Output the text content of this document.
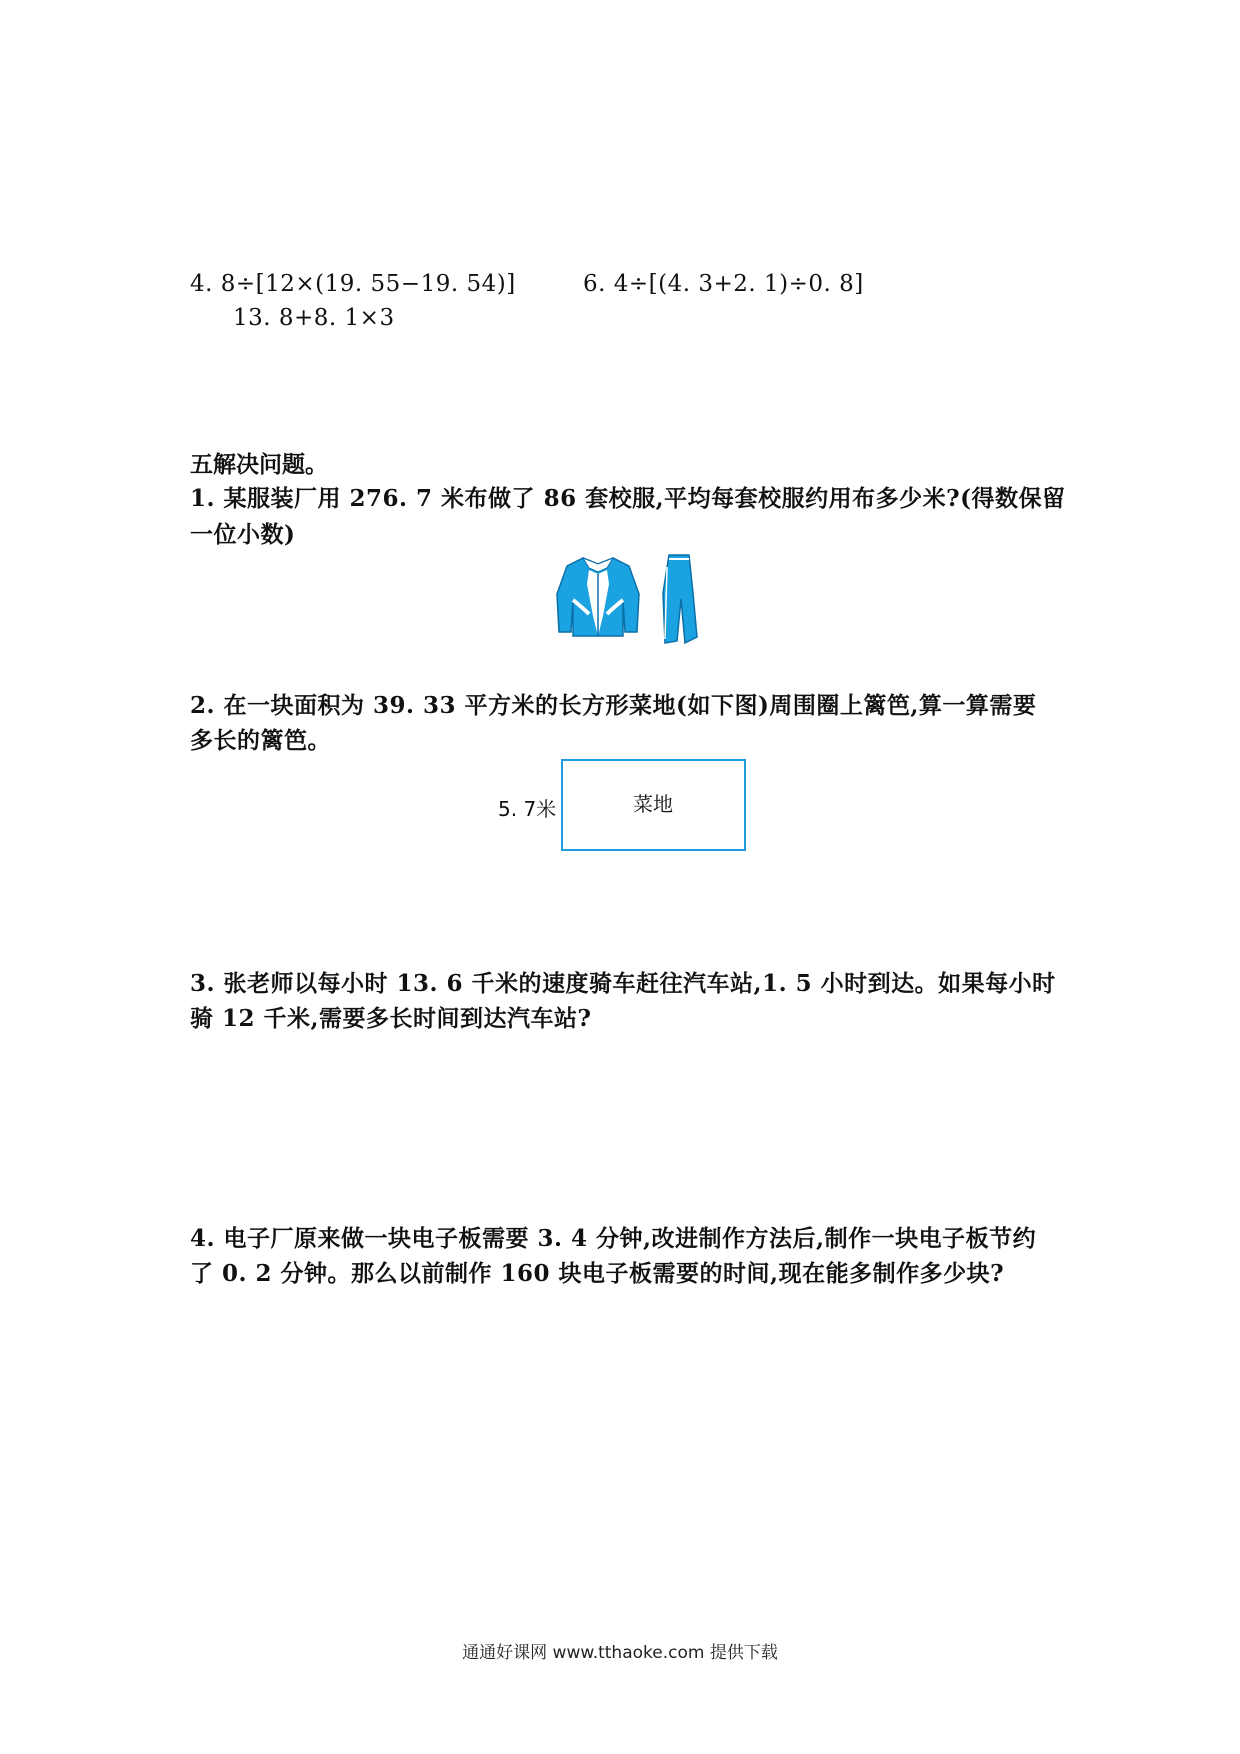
4. 8÷[12×(19. 55−19. 54)]	6. 4÷[(4. 3+2. 1)÷0. 8]
13. 8+8. 1×3
五解决问题。
1. 某服装厂用 276. 7 米布做了 86 套校服,平均每套校服约用布多少米?(得数保留
一位小数)
2. 在一块面积为 39. 33 平方米的长方形菜地(如下图)周围圈上篱笆,算一算需要
多长的篱笆。
5. 7米	菜地
3. 张老师以每小时 13. 6 千米的速度骑车赶往汽车站,1. 5 小时到达。如果每小时
骑 12 千米,需要多长时间到达汽车站?
4. 电子厂原来做一块电子板需要 3. 4 分钟,改进制作方法后,制作一块电子板节约
了 0. 2 分钟。那么以前制作 160 块电子板需要的时间,现在能多制作多少块?
通通好课网 www.tthaoke.com 提供下载
